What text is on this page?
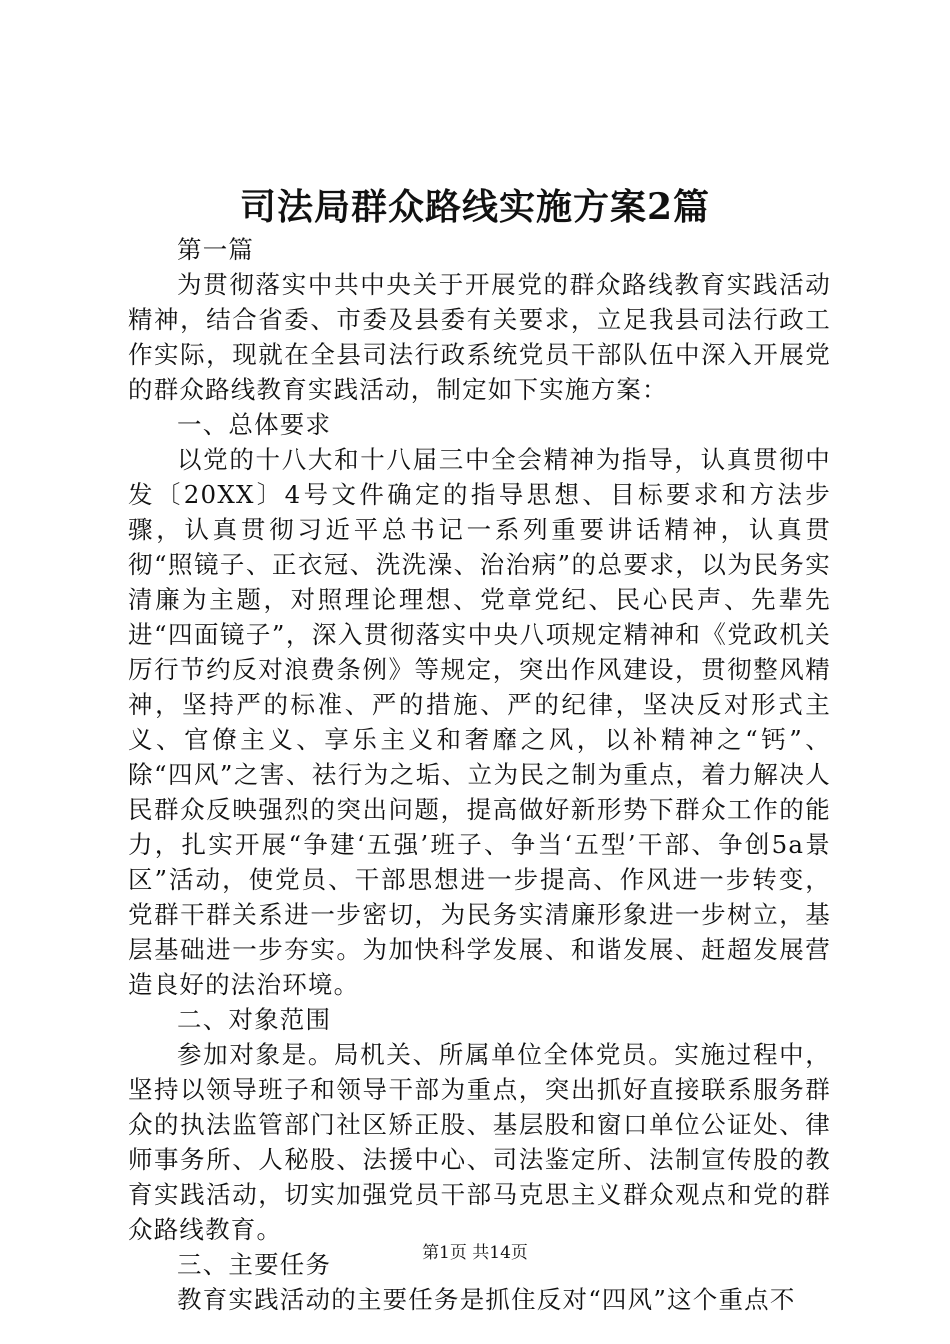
司法局群众路线实施方案2篇

第一篇

为贯彻落实中共中央关于开展党的群众路线教育实践活动精神，结合省委、市委及县委有关要求，立足我县司法行政工作实际，现就在全县司法行政系统党员干部队伍中深入开展党的群众路线教育实践活动，制定如下实施方案：

一、总体要求

以党的十八大和十八届三中全会精神为指导，认真贯彻中发〔20XX〕4号文件确定的指导思想、目标要求和方法步骤，认真贯彻习近平总书记一系列重要讲话精神，认真贯彻“照镜子、正衣冠、洗洗澡、治治病”的总要求，以为民务实清廉为主题，对照理论理想、党章党纪、民心民声、先辈先进“四面镜子”，深入贯彻落实中央八项规定精神和《党政机关厉行节约反对浪费条例》等规定，突出作风建设，贯彻整风精神，坚持严的标准、严的措施、严的纪律，坚决反对形式主义、官僚主义、享乐主义和奢靡之风，以补精神之“钙”、除“四风”之害、祛行为之垢、立为民之制为重点，着力解决人民群众反映强烈的突出问题，提高做好新形势下群众工作的能力，扎实开展“争建‘五强’班子、争当‘五型’干部、争创5a景区”活动，使党员、干部思想进一步提高、作风进一步转变，党群干群关系进一步密切，为民务实清廉形象进一步树立，基层基础进一步夯实。为加快科学发展、和谐发展、赶超发展营造良好的法治环境。

二、对象范围

参加对象是。局机关、所属单位全体党员。实施过程中，坚持以领导班子和领导干部为重点，突出抓好直接联系服务群众的执法监管部门社区矫正股、基层股和窗口单位公证处、律师事务所、人秘股、法援中心、司法鉴定所、法制宣传股的教育实践活动，切实加强党员干部马克思主义群众观点和党的群众路线教育。

三、主要任务

教育实践活动的主要任务是抓住反对“四风”这个重点不

第1页 共14页
